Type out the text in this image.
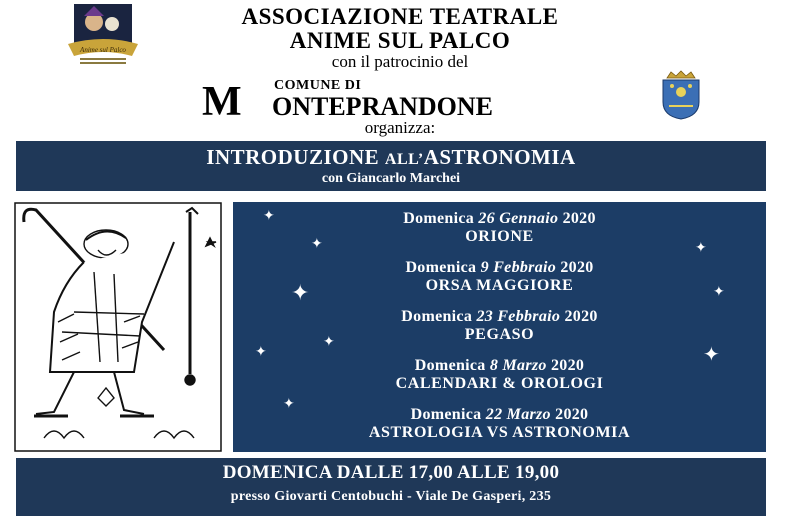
Anime sul Palco
ASSOCIAZIONE TEATRALE
ANIME SUL PALCO
con il patrocinio del
M COMUNE DI
ONTEPRANDONE
organizza:
INTRODUZIONE ALL’ASTRONOMIA
con Giancarlo Marchei
✦
✦	✦
✦	✦
✦
✦	✦
✦
Domenica 26 Gennaio 2020
ORIONE
Domenica 9 Febbraio 2020
ORSA MAGGIORE
Domenica 23 Febbraio 2020
PEGASO
Domenica 8 Marzo 2020
CALENDARI & OROLOGI
Domenica 22 Marzo 2020
ASTROLOGIA VS ASTRONOMIA
DOMENICA DALLE 17,00 ALLE 19,00
presso Giovarti Centobuchi - Viale De Gasperi, 235
